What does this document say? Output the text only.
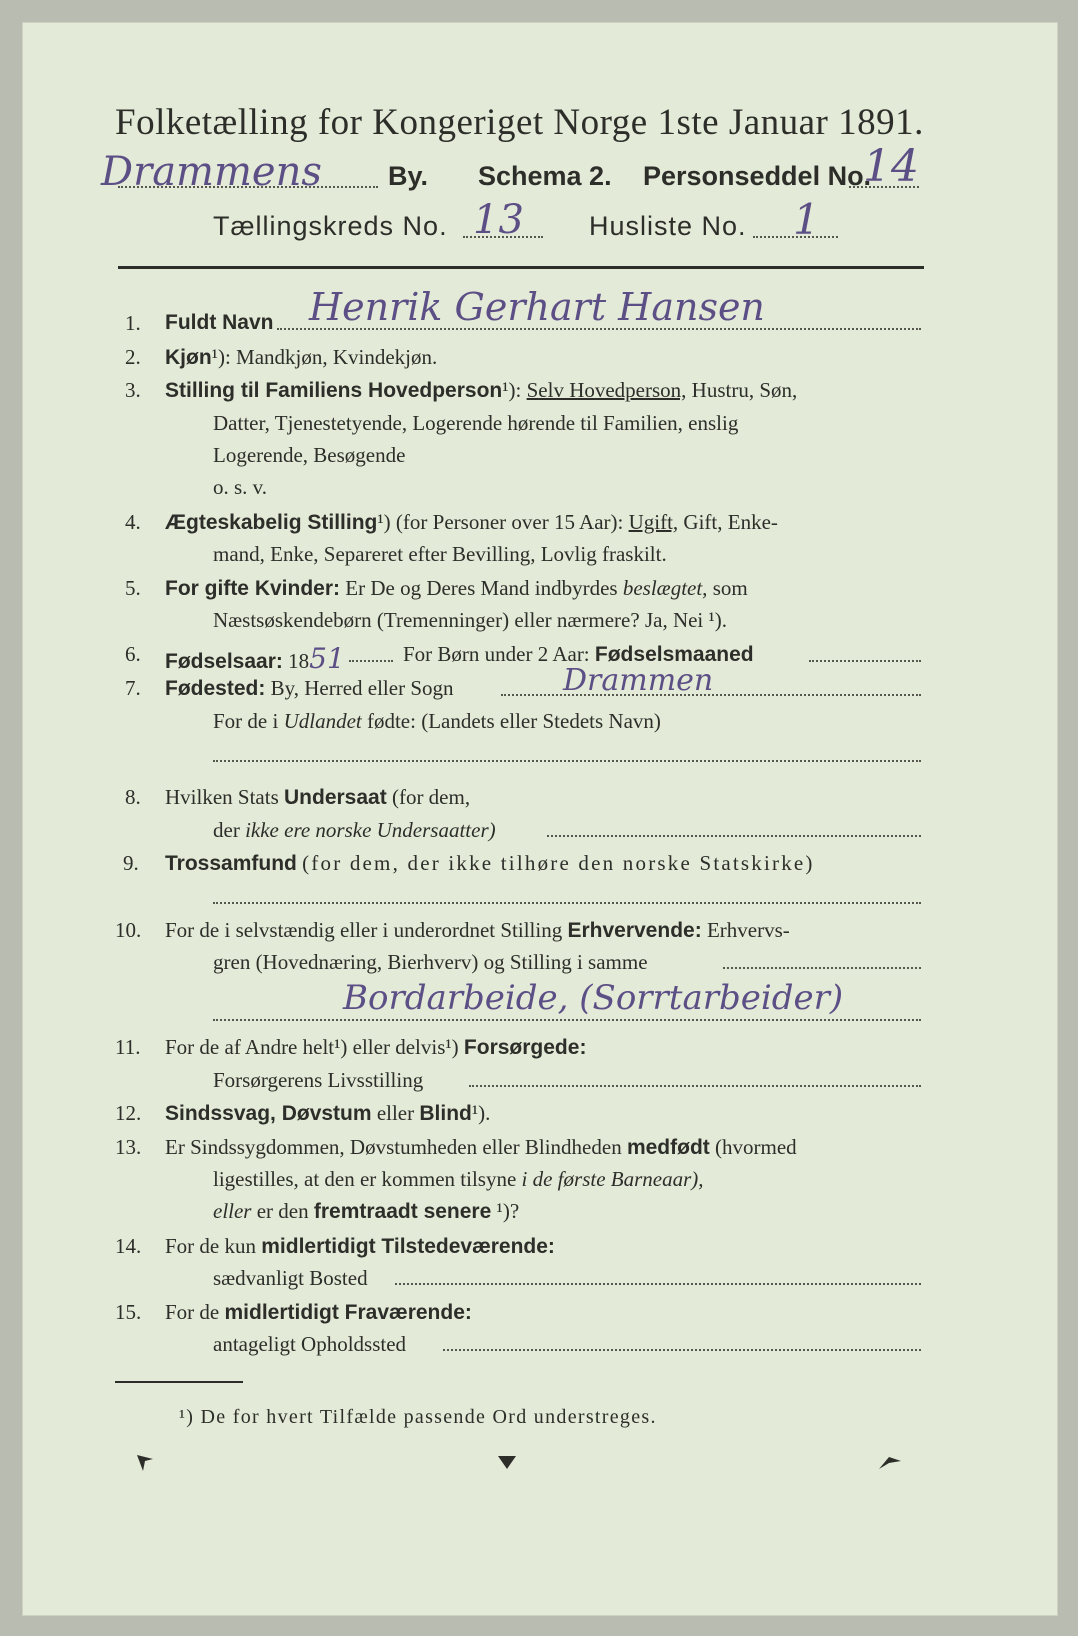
Folketælling for Kongeriget Norge 1ste Januar 1891.
Drammens By. Schema 2. Personseddel No.
14
Tællingskreds No. 13 Husliste No. 1
1. Fuldt Navn Henrik Gerhart Hansen
2. Kjøn¹): Mandkjøn, Kvindekjøn.
3. Stilling til Familiens Hovedperson¹): Selv Hovedperson, Hustru, Søn,
Datter, Tjenestetyende, Logerende hørende til Familien, enslig
Logerende, Besøgende
o. s. v.
4. Ægteskabelig Stilling¹) (for Personer over 15 Aar): Ugift, Gift, Enke-
mand, Enke, Separeret efter Bevilling, Lovlig fraskilt.
5. For gifte Kvinder: Er De og Deres Mand indbyrdes beslægtet, som
Næstsøskendebørn (Tremenninger) eller nærmere? Ja, Nei ¹).
6. Fødselsaar: 1851	For Børn under 2 Aar: Fødselsmaaned
7. Fødested: By, Herred eller Sogn	Drammen
For de i Udlandet fødte: (Landets eller Stedets Navn)
8. Hvilken Stats Undersaat (for dem,
der ikke ere norske Undersaatter)
9. Trossamfund (for dem, der ikke tilhøre den norske Statskirke)
10. For de i selvstændig eller i underordnet Stilling Erhvervende: Erhvervs-
gren (Hovednæring, Bierhverv) og Stilling i samme
Bordarbeide, (Sorrtarbeider)
11. For de af Andre helt¹) eller delvis¹) Forsørgede:
Forsørgerens Livsstilling
12. Sindssvag, Døvstum eller Blind¹).
13. Er Sindssygdommen, Døvstumheden eller Blindheden medfødt (hvormed
ligestilles, at den er kommen tilsyne i de første Barneaar),
eller er den fremtraadt senere ¹)?
14. For de kun midlertidigt Tilstedeværende:
sædvanligt Bosted
15. For de midlertidigt Fraværende:
antageligt Opholdssted
¹) De for hvert Tilfælde passende Ord understreges.
